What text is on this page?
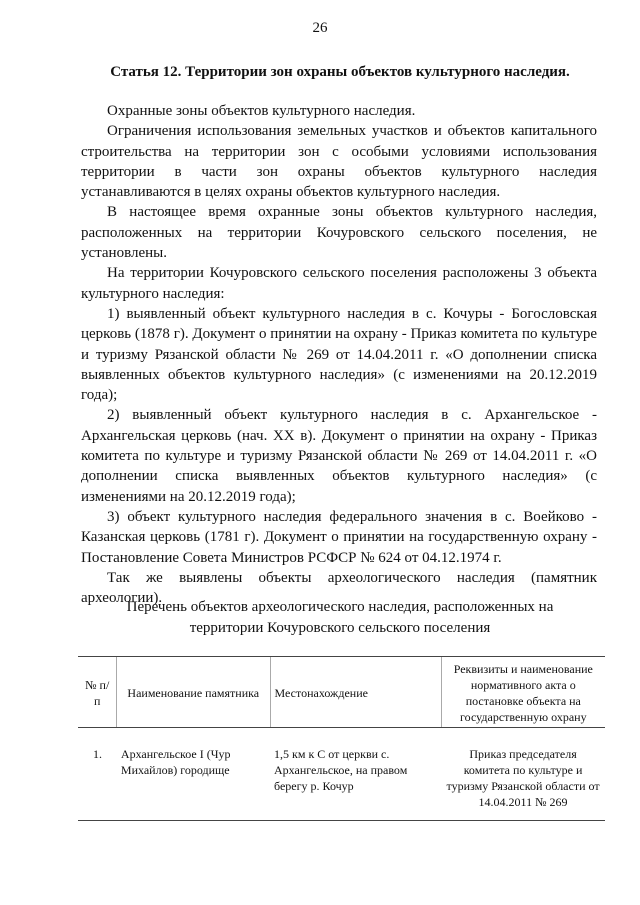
26
Статья 12. Территории зон охраны объектов культурного наследия.

Охранные зоны объектов культурного наследия.

Ограничения использования земельных участков и объектов капитального строительства на территории зон с особыми условиями использования территории в части зон охраны объектов культурного наследия устанавливаются в целях охраны объектов культурного наследия.

В настоящее время охранные зоны объектов культурного наследия, расположенных на территории Кочуровского сельского поселения, не установлены.

На территории Кочуровского сельского поселения расположены 3 объекта культурного наследия:

1) выявленный объект культурного наследия в с. Кочуры - Богословская церковь (1878 г). Документ о принятии на охрану - Приказ комитета по культуре и туризму Рязанской области № 269 от 14.04.2011 г. «О дополнении списка выявленных объектов культурного наследия» (с изменениями на 20.12.2019 года);

2) выявленный объект культурного наследия в с. Архангельское - Архангельская церковь (нач. XX в). Документ о принятии на охрану - Приказ комитета по культуре и туризму Рязанской области № 269 от 14.04.2011 г. «О дополнении списка выявленных объектов культурного наследия» (с изменениями на 20.12.2019 года);

3) объект культурного наследия федерального значения в с. Воейково - Казанская церковь (1781 г). Документ о принятии на государственную охрану - Постановление Совета Министров РСФСР № 624 от 04.12.1974 г.

Так же выявлены объекты археологического наследия (памятник археологии).

Перечень объектов археологического наследия, расположенных на
территории Кочуровского сельского поселения
№ п/п	Наименование памятника	Местонахождение	Реквизиты и наименование нормативного акта о постановке объекта на государственную охрану
1.	Архангельское I (Чур Михайлов) городище	1,5 км к С от церкви с. Архангельское, на правом берегу р. Кочур	Приказ председателя комитета по культуре и туризму Рязанской области от 14.04.2011 № 269
